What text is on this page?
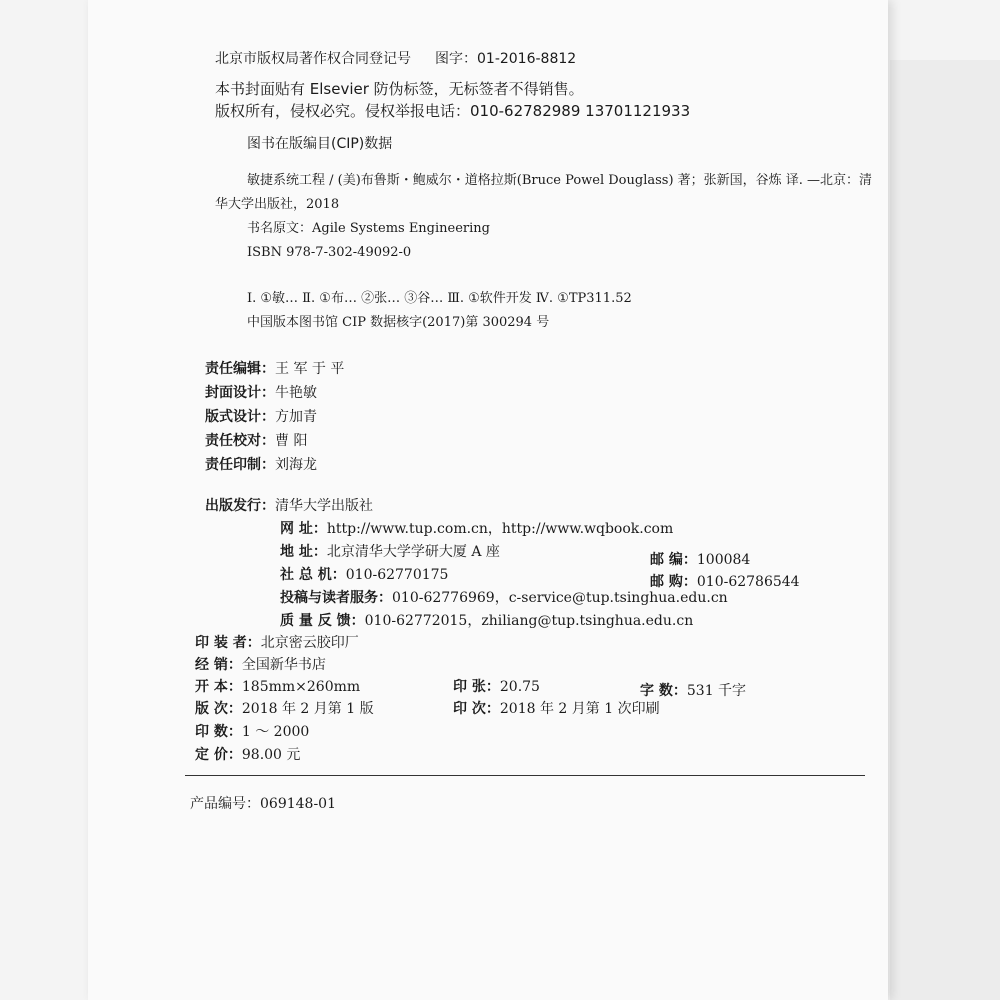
北京市版权局著作权合同登记号 图字：01-2016-8812
本书封面贴有 Elsevier 防伪标签，无标签者不得销售。
版权所有，侵权必究。侵权举报电话：010-62782989 13701121933
图书在版编目(CIP)数据
敏捷系统工程 / (美)布鲁斯・鲍威尔・道格拉斯(Bruce Powel Douglass) 著；张新国，谷炼 译. —北京：清
华大学出版社，2018
书名原文：Agile Systems Engineering
ISBN 978-7-302-49092-0
Ⅰ. ①敏… Ⅱ. ①布… ②张… ③谷… Ⅲ. ①软件开发 Ⅳ. ①TP311.52
中国版本图书馆 CIP 数据核字(2017)第 300294 号
责任编辑：王 军 于 平
封面设计：牛艳敏
版式设计：方加青
责任校对：曹 阳
责任印制：刘海龙
出版发行：清华大学出版社
网 址：http://www.tup.com.cn，http://www.wqbook.com
地 址：北京清华大学学研大厦 A 座	邮 编：100084
社 总 机：010-62770175	邮 购：010-62786544
投稿与读者服务：010-62776969，c-service@tup.tsinghua.edu.cn
质 量 反 馈：010-62772015，zhiliang@tup.tsinghua.edu.cn
印 装 者：北京密云胶印厂
经 销：全国新华书店
开 本：185mm×260mm	印 张：20.75	字 数：531 千字
版 次：2018 年 2 月第 1 版	印 次：2018 年 2 月第 1 次印刷
印 数：1 ～ 2000
定 价：98.00 元
产品编号：069148-01
